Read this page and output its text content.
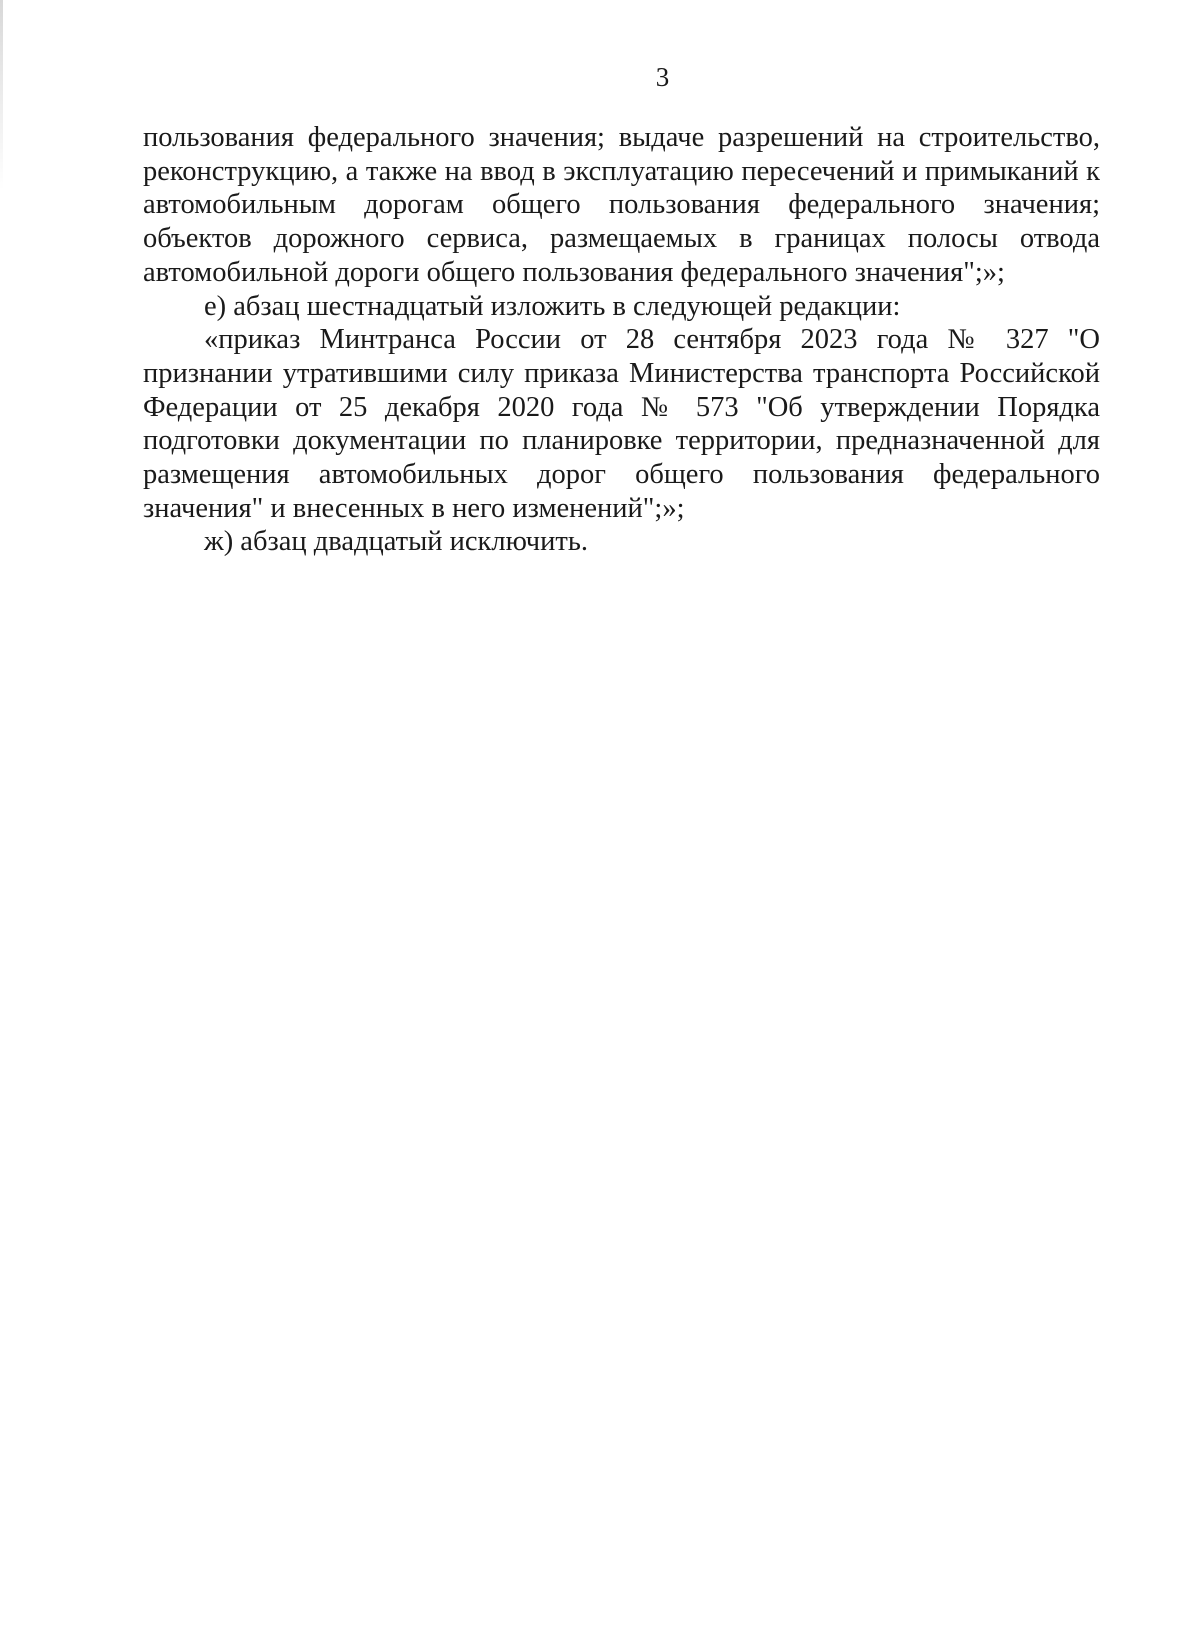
3

пользования федерального значения; выдаче разрешений на строительство, реконструкцию, а также на ввод в эксплуатацию пересечений и примыканий к автомобильным дорогам общего пользования федерального значения; объектов дорожного сервиса, размещаемых в границах полосы отвода автомобильной дороги общего пользования федерального значения";»;

е) абзац шестнадцатый изложить в следующей редакции:

«приказ Минтранса России от 28 сентября 2023 года № 327 "О признании утратившими силу приказа Министерства транспорта Российской Федерации от 25 декабря 2020 года № 573 "Об утверждении Порядка подготовки документации по планировке территории, предназначенной для размещения автомобильных дорог общего пользования федерального значения" и внесенных в него изменений";»;

ж) абзац двадцатый исключить.
